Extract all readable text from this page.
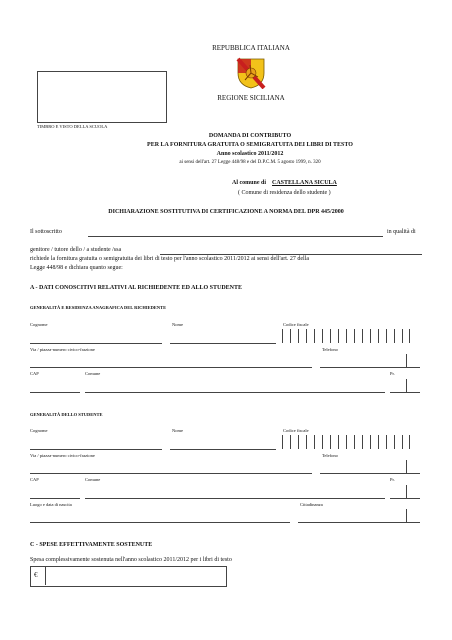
TIMBRO E VISTO DELLA SCUOLA
REPUBBLICA ITALIANA
REGIONE SICILIANA
DOMANDA DI CONTRIBUTO
PER LA FORNITURA GRATUITA O SEMIGRATUITA DEI LIBRI DI TESTO
Anno scolastico 2011/2012
ai sensi dell'art. 27 Legge 448/98 e del D.P.C.M. 5 agosto 1999, n. 320
Al comune di CASTELLANA SICULA
( Comune di residenza dello studente )
DICHIARAZIONE SOSTITUTIVA DI CERTIFICAZIONE A NORMA DEL DPR 445/2000
Il sottoscritto	in qualità di
genitore / tutore dello / a studente /ssa
richiede la fornitura gratuita o semigratuita dei libri di testo per l'anno scolastico 2011/2012 ai sensi dell'art. 27 della
Legge 448/98 e dichiara quanto segue:
A - DATI CONOSCITIVI RELATIVI AL RICHIEDENTE ED ALLO STUDENTE
GENERALITÀ E RESIDENZA ANAGRAFICA DEL RICHIEDENTE
Cognome	Nome	Codice fiscale
Via / piazza-numero civico-frazione	Telefono
CAP	Comune	Pr.
GENERALITÀ DELLO STUDENTE
Cognome	Nome	Codice fiscale
Via / piazza-numero civico-frazione	Telefono
CAP	Comune	Pr.
Luogo e data di nascita	Cittadinanza
C - SPESE EFFETTIVAMENTE SOSTENUTE
Spesa complessivamente sostenuta nell'anno scolastico 2011/2012 per i libri di testo
€
